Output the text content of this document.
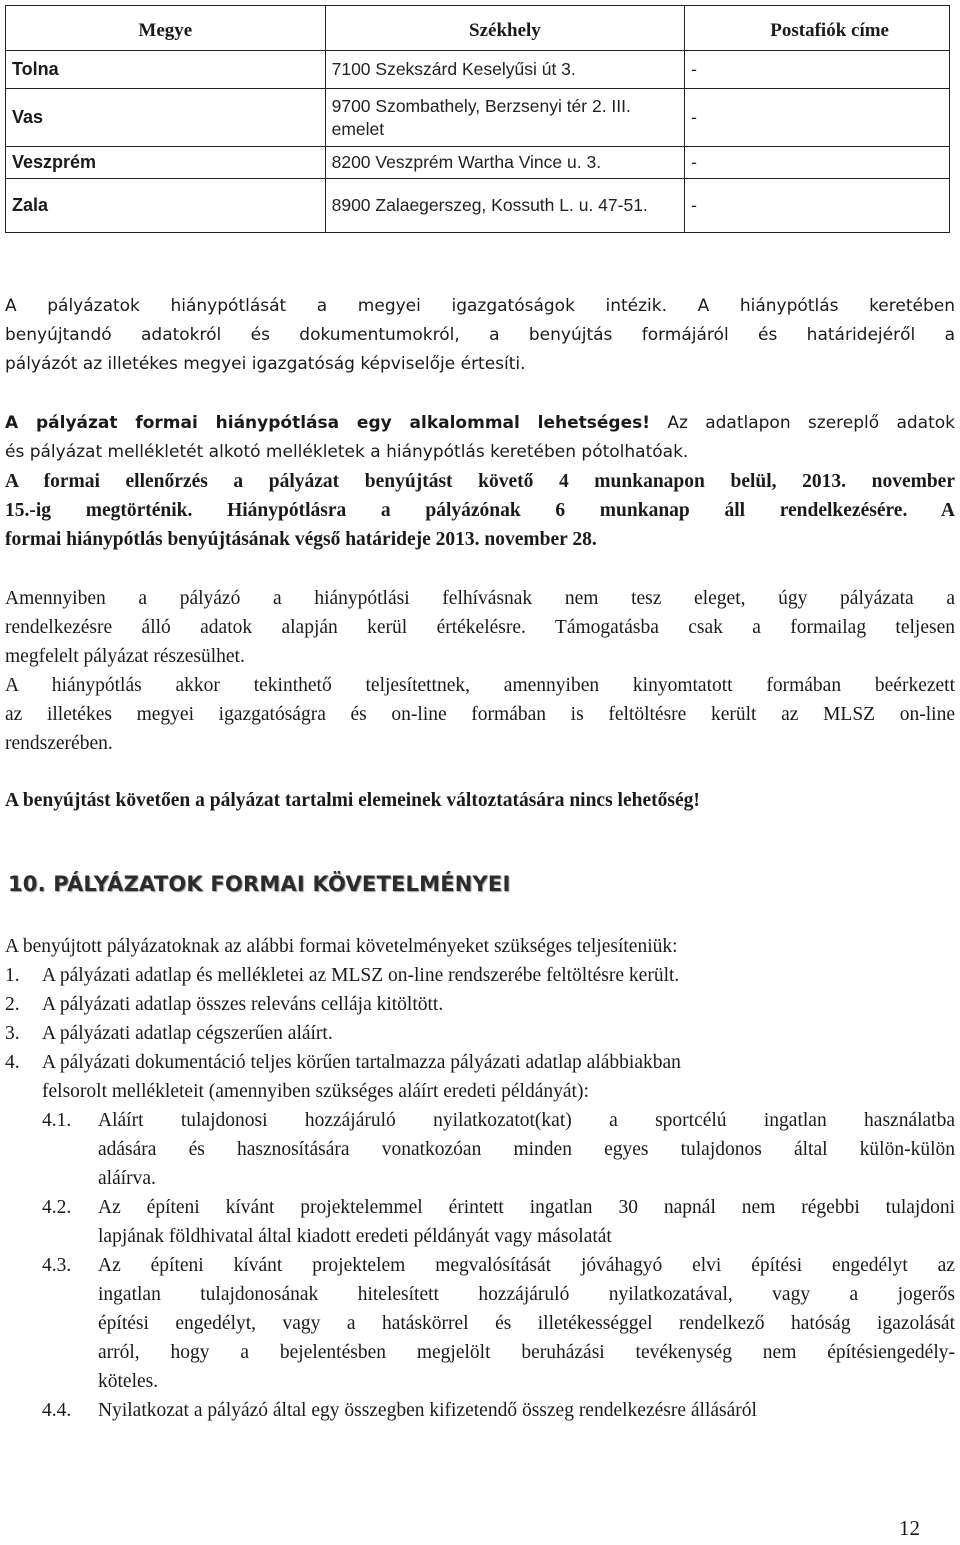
Megye	Székhely	Postafiók címe
Tolna	7100 Szekszárd Keselyűsi út 3.	-
Vas	9700 Szombathely, Berzsenyi tér 2. III. emelet	-
Veszprém	8200 Veszprém Wartha Vince u. 3.	-
Zala	8900 Zalaegerszeg, Kossuth L. u. 47-51.	-
A pályázatok hiánypótlását a megyei igazgatóságok intézik. A hiánypótlás keretében
benyújtandó adatokról és dokumentumokról, a benyújtás formájáról és határidejéről a
pályázót az illetékes megyei igazgatóság képviselője értesíti.
A pályázat formai hiánypótlása egy alkalommal lehetséges! Az adatlapon szereplő adatok
és pályázat mellékletét alkotó mellékletek a hiánypótlás keretében pótolhatóak.
A formai ellenőrzés a pályázat benyújtást követő 4 munkanapon belül, 2013. november
15.-ig megtörténik. Hiánypótlásra a pályázónak 6 munkanap áll rendelkezésére. A
formai hiánypótlás benyújtásának végső határideje 2013. november 28.
Amennyiben a pályázó a hiánypótlási felhívásnak nem tesz eleget, úgy pályázata a
rendelkezésre álló adatok alapján kerül értékelésre. Támogatásba csak a formailag teljesen
megfelelt pályázat részesülhet.
A hiánypótlás akkor tekinthető teljesítettnek, amennyiben kinyomtatott formában beérkezett
az illetékes megyei igazgatóságra és on-line formában is feltöltésre került az MLSZ on-line
rendszerében.
A benyújtást követően a pályázat tartalmi elemeinek változtatására nincs lehetőség!
10. PÁLYÁZATOK FORMAI KÖVETELMÉNYEI
A benyújtott pályázatoknak az alábbi formai követelményeket szükséges teljesíteniük:
1. A pályázati adatlap és mellékletei az MLSZ on-line rendszerébe feltöltésre került.
2. A pályázati adatlap összes releváns cellája kitöltött.
3. A pályázati adatlap cégszerűen aláírt.
4. A pályázati dokumentáció teljes körűen tartalmazza pályázati adatlap alábbiakban
felsorolt mellékleteit (amennyiben szükséges aláírt eredeti példányát):
4.1. Aláírt tulajdonosi hozzájáruló nyilatkozatot(kat) a sportcélú ingatlan használatba
adására és hasznosítására vonatkozóan minden egyes tulajdonos által külön-külön
aláírva.
4.2. Az építeni kívánt projektelemmel érintett ingatlan 30 napnál nem régebbi tulajdoni
lapjának földhivatal által kiadott eredeti példányát vagy másolatát
4.3. Az építeni kívánt projektelem megvalósítását jóváhagyó elvi építési engedélyt az
ingatlan tulajdonosának hitelesített hozzájáruló nyilatkozatával, vagy a jogerős
építési engedélyt, vagy a hatáskörrel és illetékességgel rendelkező hatóság igazolását
arról, hogy a bejelentésben megjelölt beruházási tevékenység nem építésiengedély-
köteles.
4.4. Nyilatkozat a pályázó által egy összegben kifizetendő összeg rendelkezésre állásáról
12
